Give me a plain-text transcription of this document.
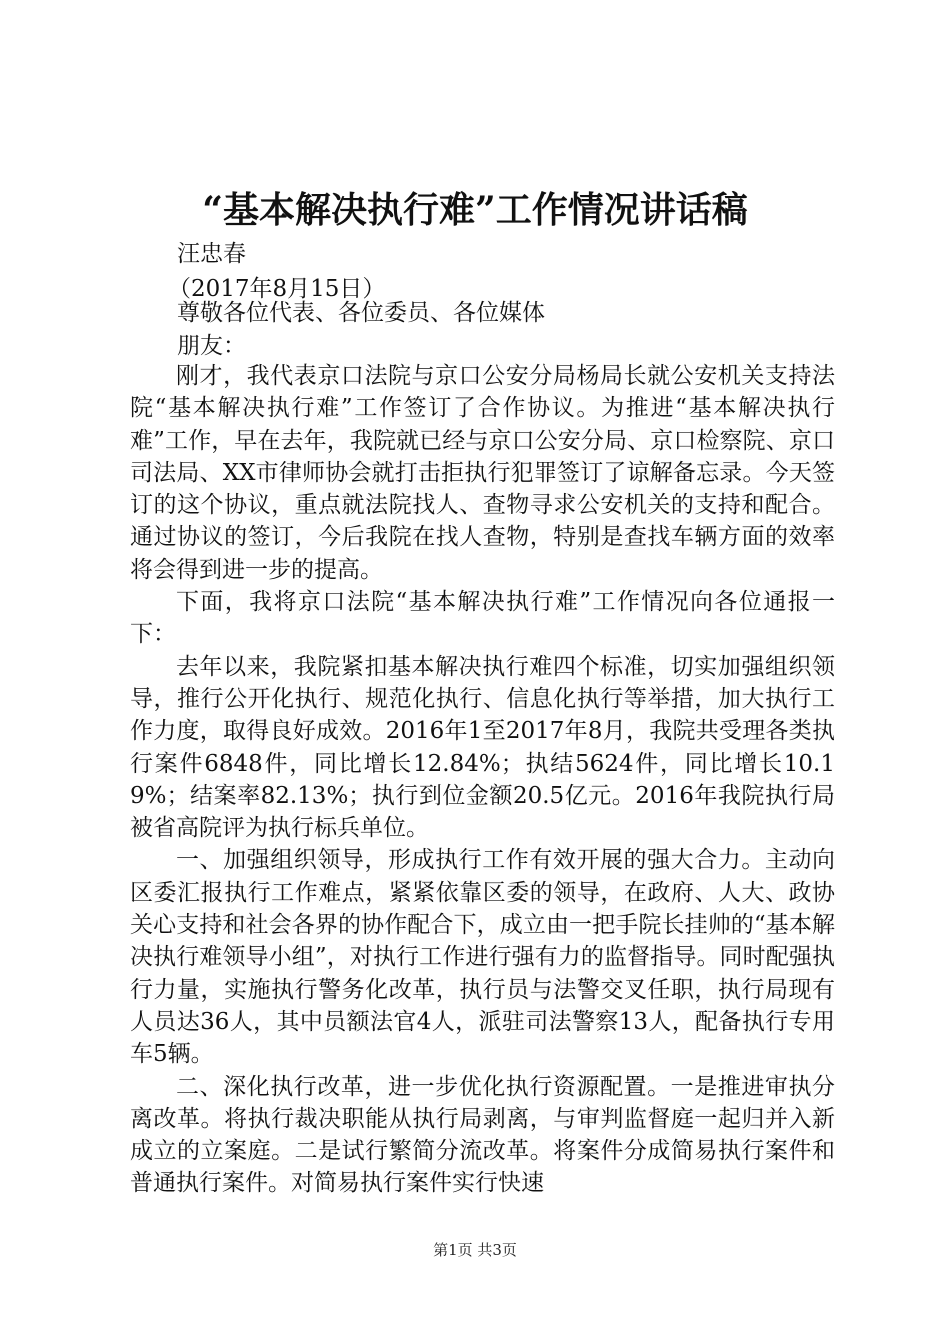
“基本解决执行难”工作情况讲话稿
汪忠春
（2017年8月15日）
尊敬各位代表、各位委员、各位媒体
朋友：

刚才，我代表京口法院与京口公安分局杨局长就公安机关支持法院“基本解决执行难”工作签订了合作协议。为推进“基本解决执行难”工作，早在去年，我院就已经与京口公安分局、京口检察院、京口司法局、XX市律师协会就打击拒执行犯罪签订了谅解备忘录。今天签订的这个协议，重点就法院找人、查物寻求公安机关的支持和配合。通过协议的签订，今后我院在找人查物，特别是查找车辆方面的效率将会得到进一步的提高。

下面，我将京口法院“基本解决执行难”工作情况向各位通报一下：

去年以来，我院紧扣基本解决执行难四个标准，切实加强组织领导，推行公开化执行、规范化执行、信息化执行等举措，加大执行工作力度，取得良好成效。2016年1至2017年8月，我院共受理各类执行案件6848件，同比增长12.84%；执结5624件，同比增长10.19%；结案率82.13%；执行到位金额20.5亿元。2016年我院执行局被省高院评为执行标兵单位。

一、加强组织领导，形成执行工作有效开展的强大合力。主动向区委汇报执行工作难点，紧紧依靠区委的领导，在政府、人大、政协关心支持和社会各界的协作配合下，成立由一把手院长挂帅的“基本解决执行难领导小组”，对执行工作进行强有力的监督指导。同时配强执行力量，实施执行警务化改革，执行员与法警交叉任职，执行局现有人员达36人，其中员额法官4人，派驻司法警察13人，配备执行专用车5辆。

二、深化执行改革，进一步优化执行资源配置。一是推进审执分离改革。将执行裁决职能从执行局剥离，与审判监督庭一起归并入新成立的立案庭。二是试行繁简分流改革。将案件分成简易执行案件和普通执行案件。对简易执行案件实行快速

第1页 共3页
